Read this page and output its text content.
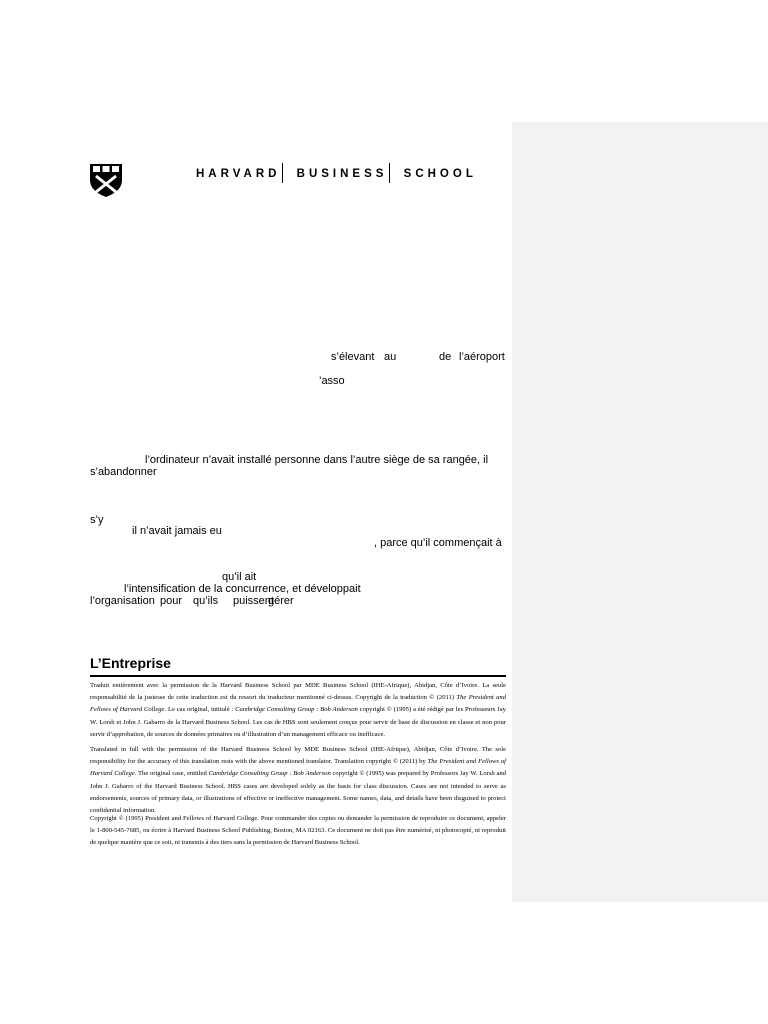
HARVARD BUSINESS SCHOOL
s’élevant au	de l’aéroport
’asso
l’ordinateur n’avait installé personne dans l’autre siège de sa rangée, il
s’abandonner
s’y
il n’avait jamais eu
, parce qu’il commençait à
qu’il ait
l’intensification de la concurrence, et développait
l’organisation pour qu’ils puissent
gérer
L’Entreprise

Traduit entièrement avec la permission de la Harvard Business School par MDE Business School (IHE-Afrique), Abidjan, Côte d’Ivoire. La seule responsabilité de la justesse de cette traduction est du ressort du traducteur mentionné ci-dessus. Copyright de la traduction © (2011) The President and Fellows of Harvard College. Le cas original, intitulé : Cambridge Consulting Group : Bob Anderson copyright © (1995) a été rédigé par les Professeurs Jay W. Lorsh et John J. Gabarro de la Harvard Business School. Les cas de HBS sont seulement conçus pour servir de base de discussion en classe et non pour servir d’approbation, de sources de données primaires ou d’illustration d’un management efficace ou inefficace.

Translated in full with the permission of the Harvard Business School by MDE Business School (IHE-Afrique), Abidjan, Côte d’Ivoire. The sole responsibility for the accuracy of this translation rests with the above mentioned translator. Translation copyright © (2011) by The President and Fellows of Harvard College. The original case, entitled Cambridge Consulting Group : Bob Anderson copyright © (1995) was prepared by Professors Jay W. Lorsh and John J. Gabarro of the Harvard Business School. HBS cases are developed solely as the basis for class discussion. Cases are not intended to serve as endorsements, sources of primary data, or illustrations of effective or ineffective management. Some names, data, and details have been disguised to protect confidential information.

Copyright © (1995) President and Fellows of Harvard College. Pour commander des copies ou demander la permission de reproduire ce document, appeler le 1-800-545-7685, ou écrire à Harvard Business School Publishing, Boston, MA 02163. Ce document ne doit pas être numérisé, ni photocopié, ni reproduit de quelque manière que ce soit, ni transmis à des tiers sans la permission de Harvard Business School.
